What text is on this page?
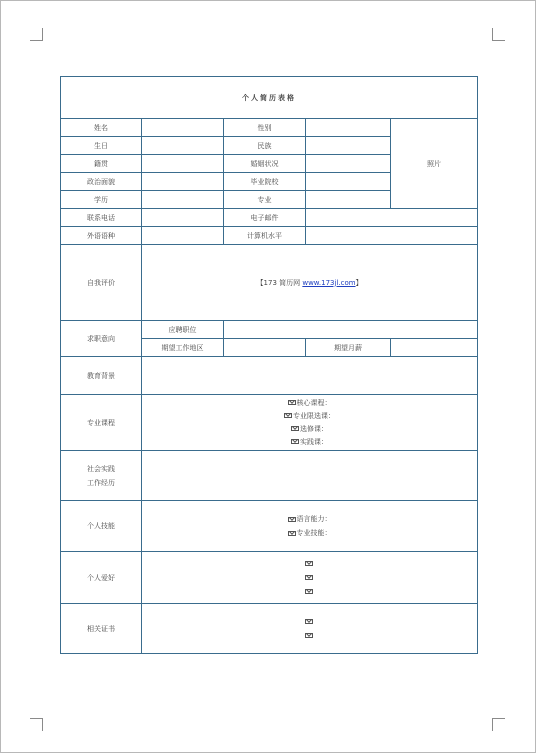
个人简历表格				
姓名		性别		照片
生日		民族		
籍贯		婚姻状况		
政治面貌		毕业院校		
学历		专业		
联系电话		电子邮件		
外语语种		计算机水平		
自我评价	【173 简历网 www.173jl.com】			
求职意向	应聘职位			
	期望工作地区		期望月薪	
教育背景				
专业课程	核心课程：
专业限选课：
选修课：
实践课：			

社会实践
工作经历				

个人技能	语言能力：
专业技能：			

个人爱好				

相关证书				
